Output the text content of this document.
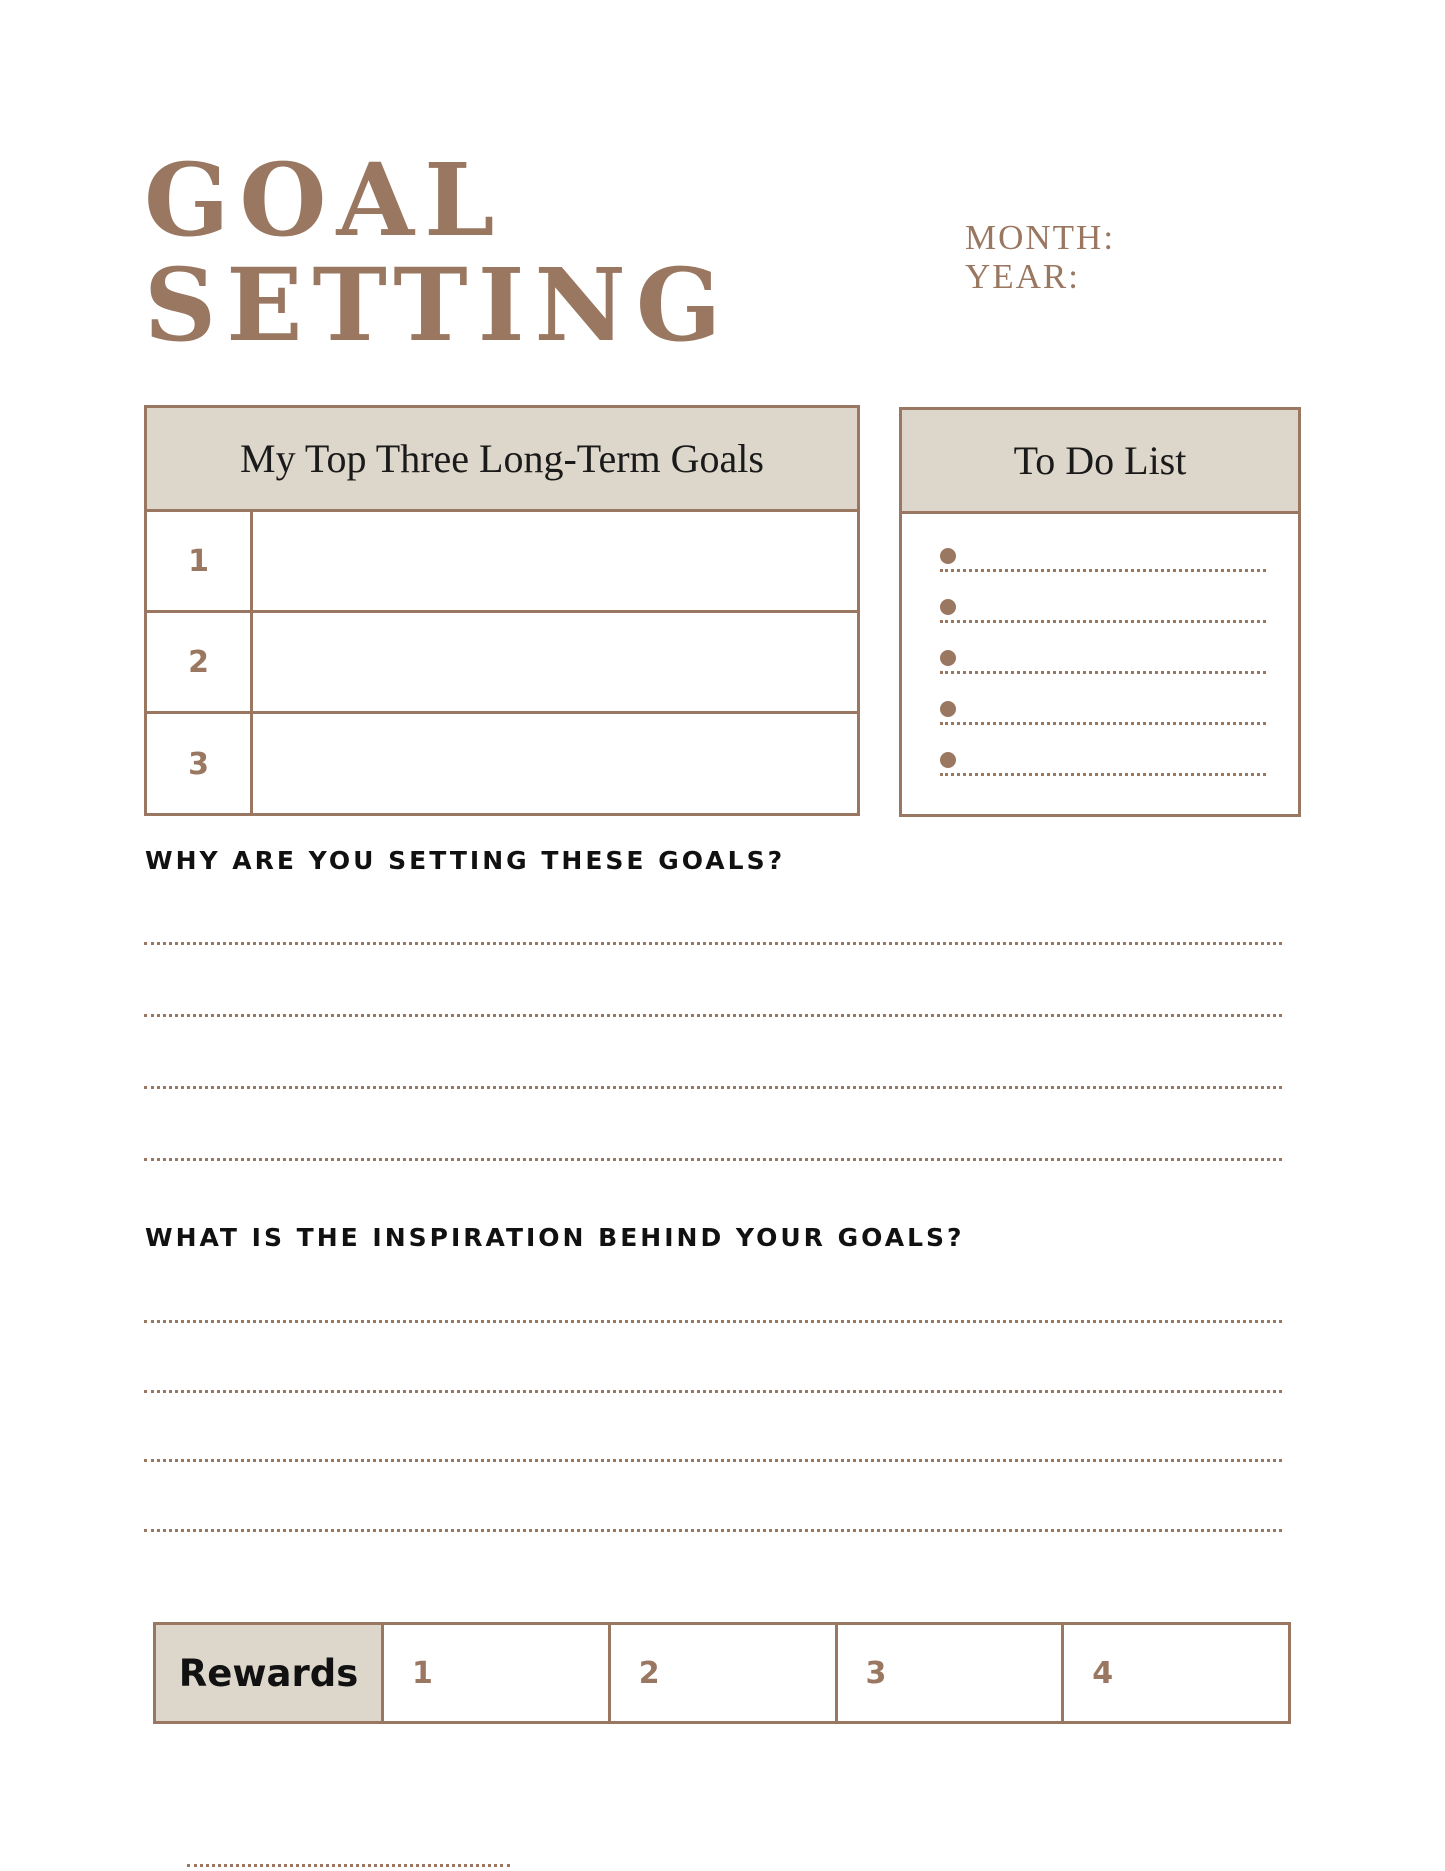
GOAL
SETTING
MONTH:
YEAR:
My Top Three Long-Term Goals
1
2
3
To Do List
WHY ARE YOU SETTING THESE GOALS?
WHAT IS THE INSPIRATION BEHIND YOUR GOALS?
Rewards	1	2	3	4
